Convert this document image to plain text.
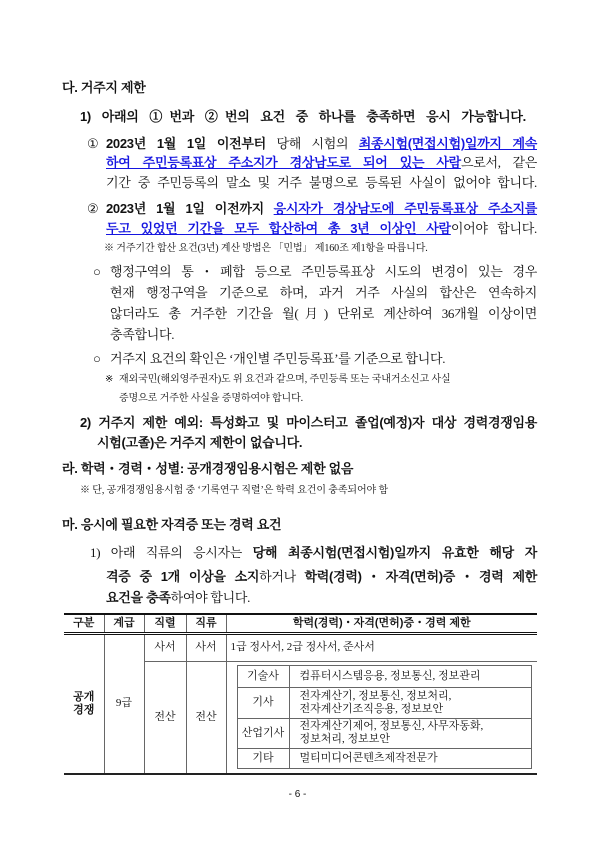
다. 거주지 제한
1) 아래의 ①번과 ②번의 요건 중 하나를 충족하면 응시 가능합니다.
① 2023년 1월 1일 이전부터 당해 시험의 최종시험(면접시험)일까지 계속
하여 주민등록표상 주소지가 경상남도로 되어 있는 사람으로서, 같은
기간 중 주민등록의 말소 및 거주 불명으로 등록된 사실이 없어야 합니다.
② 2023년 1월 1일 이전까지 응시자가 경상남도에 주민등록표상 주소지를
두고 있었던 기간을 모두 합산하여 총 3년 이상인 사람이어야 합니다.
※ 거주기간 합산 요건(3년) 계산 방법은 「민법」 제160조 제1항을 따릅니다.
○ 행정구역의 통・폐합 등으로 주민등록표상 시도의 변경이 있는 경우
현재 행정구역을 기준으로 하며, 과거 거주 사실의 합산은 연속하지
않더라도 총 거주한 기간을 월(月) 단위로 계산하여 36개월 이상이면
충족합니다.
○ 거주지 요건의 확인은 ‘개인별 주민등록표’를 기준으로 합니다.
※ 재외국민(해외영주권자)도 위 요건과 같으며, 주민등록 또는 국내거소신고 사실
증명으로 거주한 사실을 증명하여야 합니다.
2) 거주지 제한 예외: 특성화고 및 마이스터고 졸업(예정)자 대상 경력경쟁임용
시험(고졸)은 거주지 제한이 없습니다.
라. 학력・경력・성별: 공개경쟁임용시험은 제한 없음
※ 단, 공개경쟁임용시험 중 ‘기록연구 직렬’은 학력 요건이 충족되어야 함
마. 응시에 필요한 자격증 또는 경력 요건
1) 아래 직류의 응시자는 당해 최종시험(면접시험)일까지 유효한 해당 자
격증 중 1개 이상을 소지하거나 학력(경력)・자격(면허)증・경력 제한
요건을 충족하여야 합니다.
구분	계급	직렬	직류	학력(경력)・자격(면허)증・경력 제한
공개
경쟁	9급	사서	사서	1급 정사서, 2급 정사서, 준사서
전산	전산	
기술사	컴퓨터시스템응용, 정보통신, 정보관리
기사	전자계산기, 정보통신, 정보처리,
전자계산기조직응용, 정보보안
산업기사	전자계산기제어, 정보통신, 사무자동화,
정보처리, 정보보안
기타	멀티미디어콘텐츠제작전문가
- 6 -
